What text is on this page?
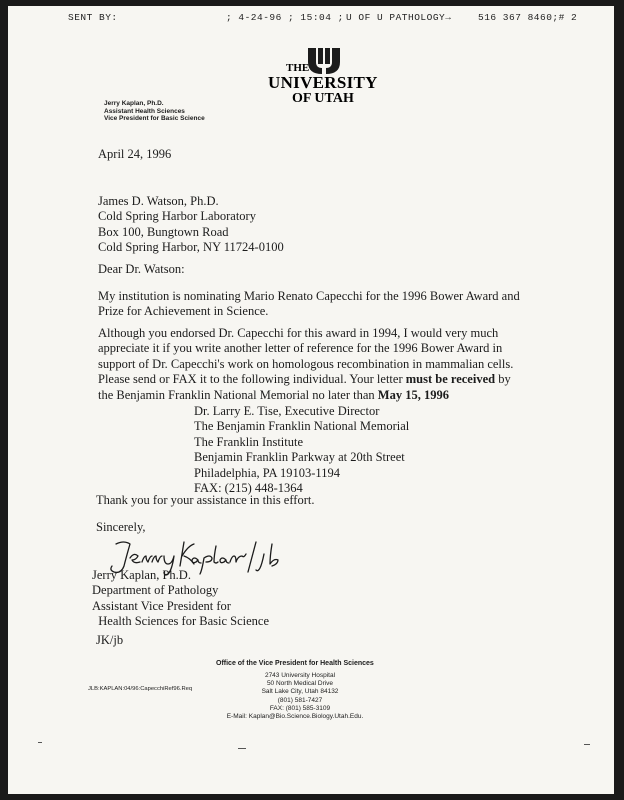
SENT BY:	; 4-24-96 ; 15:04 ; U OF U PATHOLOGY→	516 367 8460;# 2
THE
UNIVERSITY
OF UTAH
Jerry Kaplan, Ph.D.
Assistant Health Sciences
Vice President for Basic Science
April 24, 1996
James D. Watson, Ph.D.
Cold Spring Harbor Laboratory
Box 100, Bungtown Road
Cold Spring Harbor, NY 11724-0100
Dear Dr. Watson:
My institution is nominating Mario Renato Capecchi for the 1996 Bower Award and
Prize for Achievement in Science.
Although you endorsed Dr. Capecchi for this award in 1994, I would very much
appreciate it if you write another letter of reference for the 1996 Bower Award in
support of Dr. Capecchi's work on homologous recombination in mammalian cells.
Please send or FAX it to the following individual. Your letter must be received by
the Benjamin Franklin National Memorial no later than May 15, 1996
Dr. Larry E. Tise, Executive Director
The Benjamin Franklin National Memorial
The Franklin Institute
Benjamin Franklin Parkway at 20th Street
Philadelphia, PA 19103-1194
FAX: (215) 448-1364
Thank you for your assistance in this effort.
Sincerely,
Jerry Kaplan, Ph.D.
Department of Pathology
Assistant Vice President for
Health Sciences for Basic Science
JK/jb
Office of the Vice President for Health Sciences
2743 University Hospital
50 North Medical Drive
Salt Lake City, Utah 84132
(801) 581-7427
FAX: (801) 585-3109
E-Mail: Kaplan@Bio.Science.Biology.Utah.Edu.
JLB:KAPLAN:04/96:CapecchiRef96.Req
